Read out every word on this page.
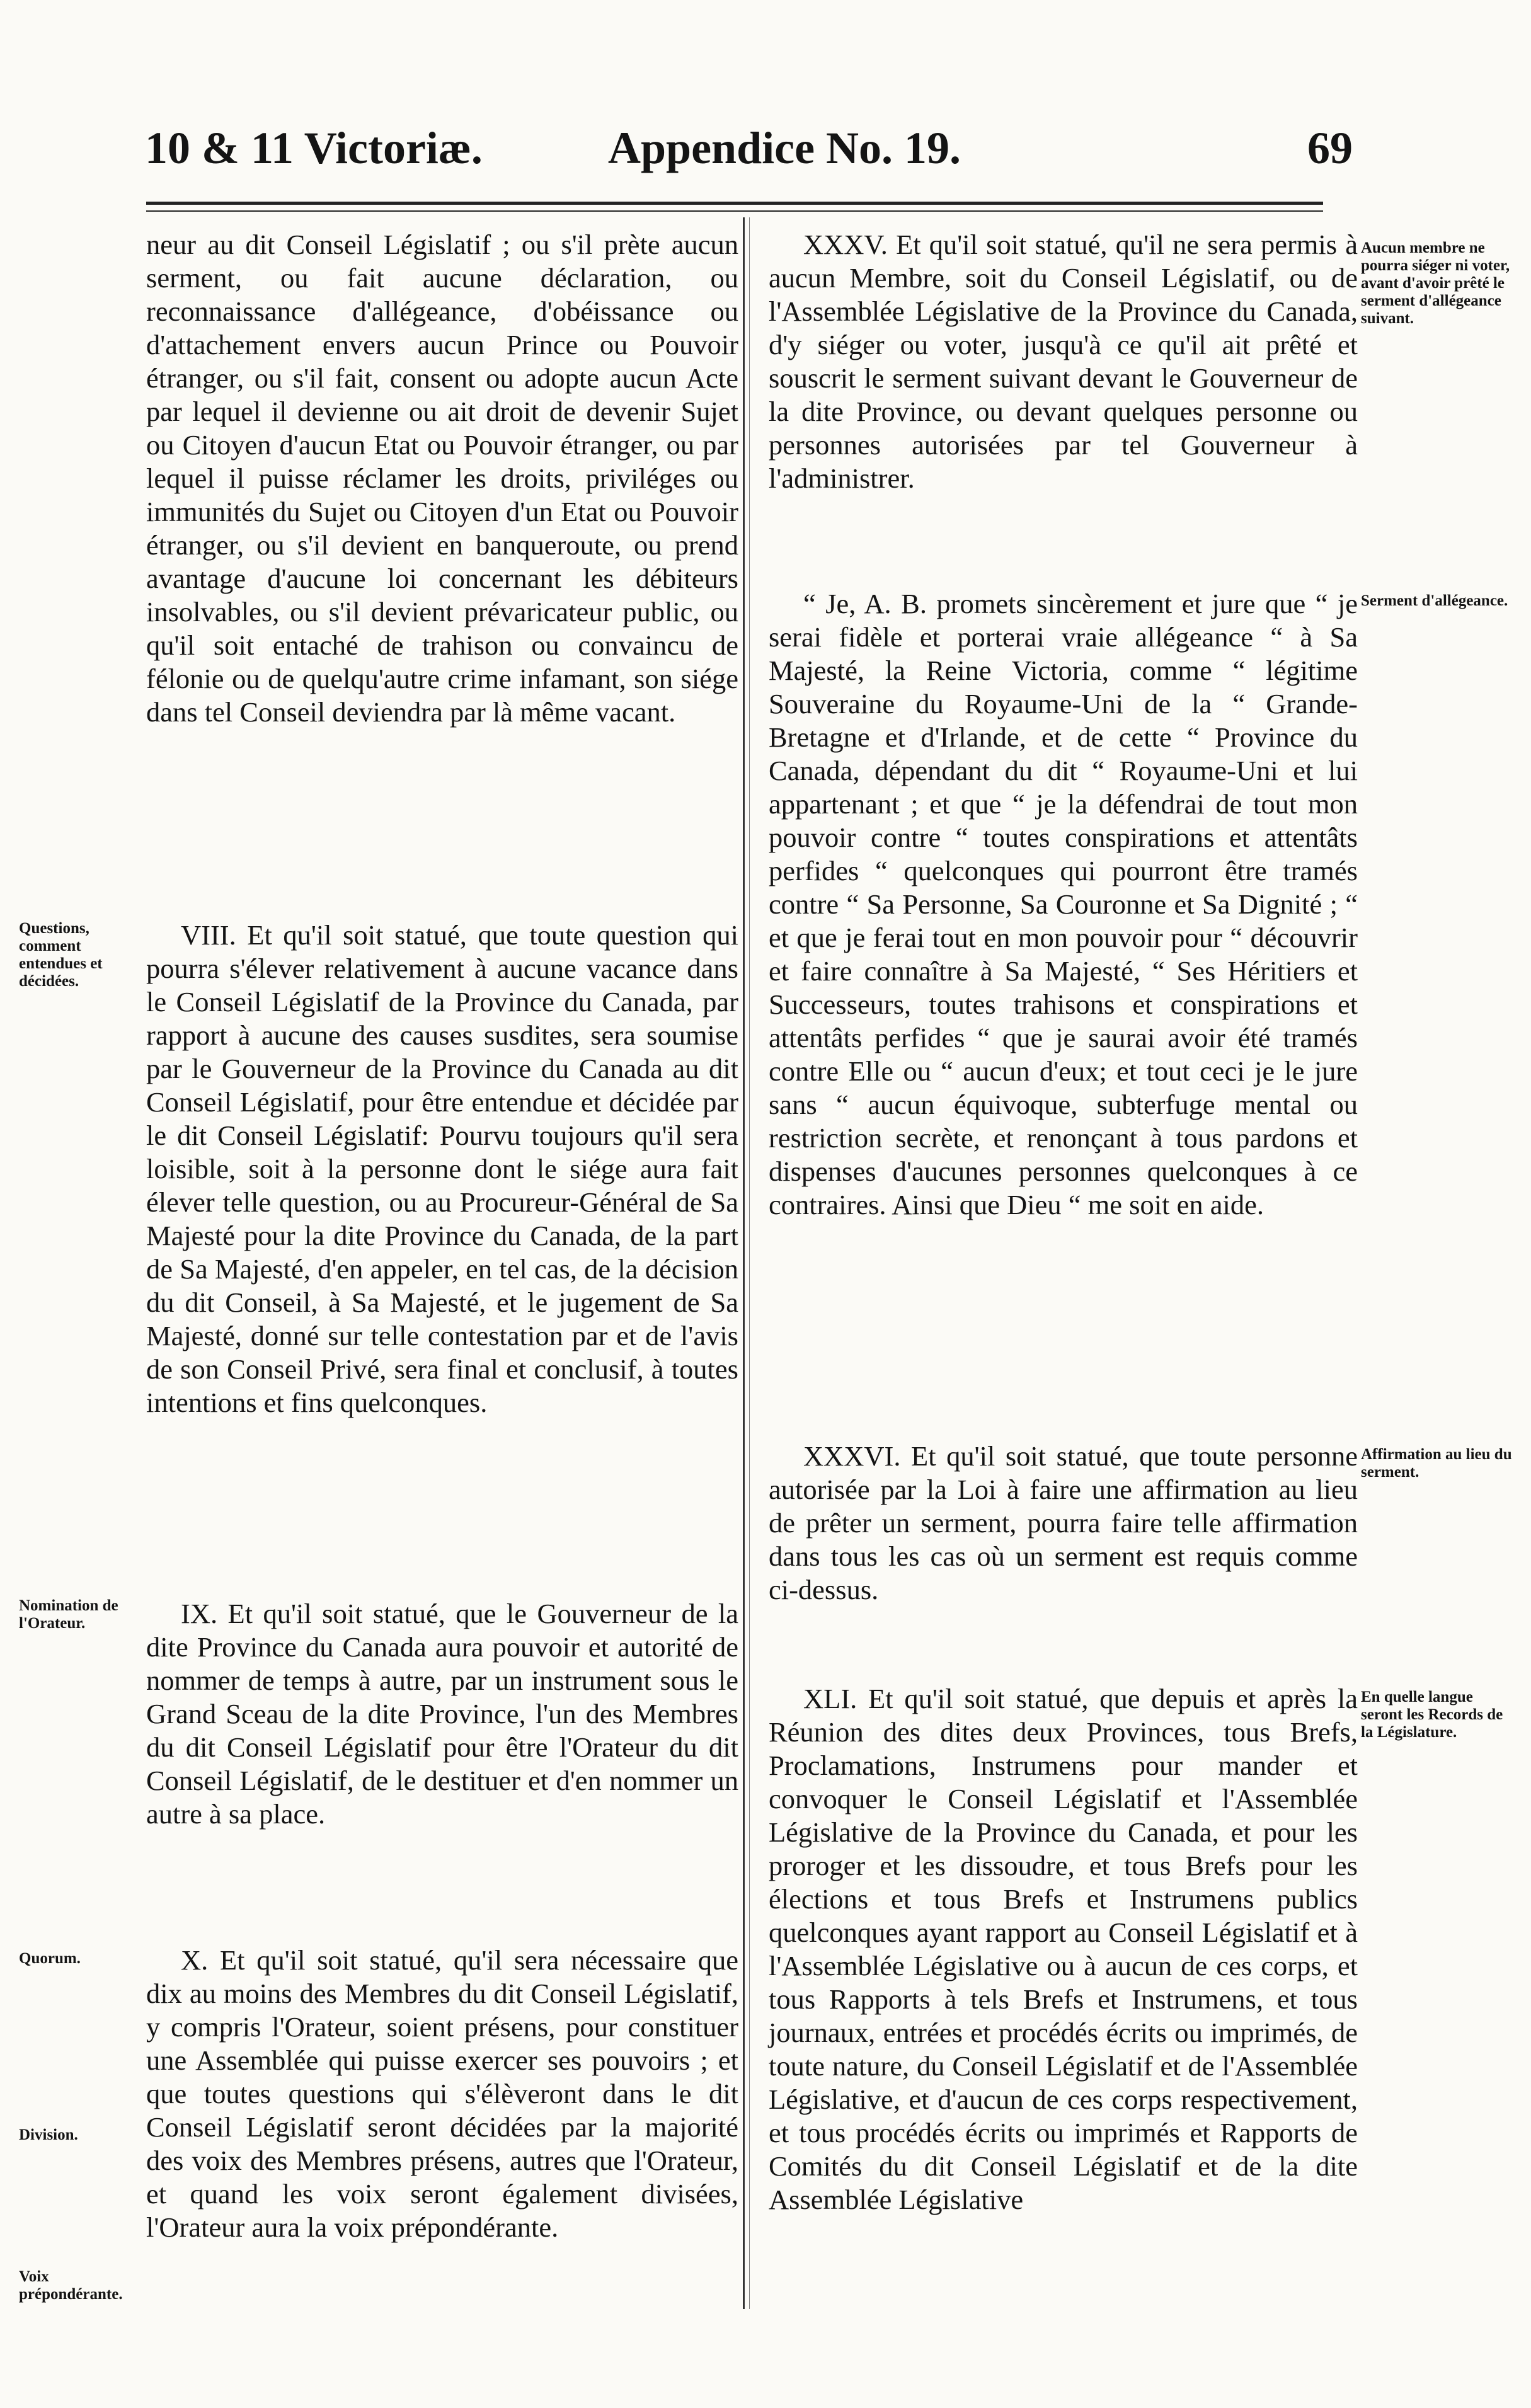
10 & 11 Victoriæ.	Appendice No. 19.	69

neur au dit Conseil Législatif ; ou s'il prète aucun serment, ou fait aucune déclaration, ou reconnaissance d'allégeance, d'obéissance ou d'attachement envers aucun Prince ou Pouvoir étranger, ou s'il fait, consent ou adopte aucun Acte par lequel il devienne ou ait droit de devenir Sujet ou Citoyen d'aucun Etat ou Pouvoir étranger, ou par lequel il puisse réclamer les droits, priviléges ou immunités du Sujet ou Citoyen d'un Etat ou Pouvoir étranger, ou s'il devient en banqueroute, ou prend avantage d'aucune loi concernant les débiteurs insolvables, ou s'il devient prévaricateur public, ou qu'il soit entaché de trahison ou convaincu de félonie ou de quelqu'autre crime infamant, son siége dans tel Conseil deviendra par là même vacant.

VIII. Et qu'il soit statué, que toute question qui pourra s'élever relativement à aucune vacance dans le Conseil Législatif de la Province du Canada, par rapport à aucune des causes susdites, sera soumise par le Gouverneur de la Province du Canada au dit Conseil Législatif, pour être entendue et décidée par le dit Conseil Législatif: Pourvu toujours qu'il sera loisible, soit à la personne dont le siége aura fait élever telle question, ou au Procureur-Général de Sa Majesté pour la dite Province du Canada, de la part de Sa Majesté, d'en appeler, en tel cas, de la décision du dit Conseil, à Sa Majesté, et le jugement de Sa Majesté, donné sur telle contestation par et de l'avis de son Conseil Privé, sera final et conclusif, à toutes intentions et fins quelconques.

IX. Et qu'il soit statué, que le Gouverneur de la dite Province du Canada aura pouvoir et autorité de nommer de temps à autre, par un instrument sous le Grand Sceau de la dite Province, l'un des Membres du dit Conseil Législatif pour être l'Orateur du dit Conseil Législatif, de le destituer et d'en nommer un autre à sa place.

X. Et qu'il soit statué, qu'il sera nécessaire que dix au moins des Membres du dit Conseil Législatif, y compris l'Orateur, soient présens, pour constituer une Assemblée qui puisse exercer ses pouvoirs ; et que toutes questions qui s'élèveront dans le dit Conseil Législatif seront décidées par la majorité des voix des Membres présens, autres que l'Orateur, et quand les voix seront également divisées, l'Orateur aura la voix prépondérante.

XXXV. Et qu'il soit statué, qu'il ne sera permis à aucun Membre, soit du Conseil Législatif, ou de l'Assemblée Législative de la Province du Canada, d'y siéger ou voter, jusqu'à ce qu'il ait prêté et souscrit le serment suivant devant le Gouverneur de la dite Province, ou devant quelques personne ou personnes autorisées par tel Gouverneur à l'administrer.

“ Je, A. B. promets sincèrement et jure que “ je serai fidèle et porterai vraie allégeance “ à Sa Majesté, la Reine Victoria, comme “ légitime Souveraine du Royaume-Uni de la “ Grande-Bretagne et d'Irlande, et de cette “ Province du Canada, dépendant du dit “ Royaume-Uni et lui appartenant ; et que “ je la défendrai de tout mon pouvoir contre “ toutes conspirations et attentâts perfides “ quelconques qui pourront être tramés contre “ Sa Personne, Sa Couronne et Sa Dignité ; “ et que je ferai tout en mon pouvoir pour “ découvrir et faire connaître à Sa Majesté, “ Ses Héritiers et Successeurs, toutes trahisons et conspirations et attentâts perfides “ que je saurai avoir été tramés contre Elle ou “ aucun d'eux; et tout ceci je le jure sans “ aucun équivoque, subterfuge mental ou restriction secrète, et renonçant à tous pardons et dispenses d'aucunes personnes quelconques à ce contraires. Ainsi que Dieu “ me soit en aide.

XXXVI. Et qu'il soit statué, que toute personne autorisée par la Loi à faire une affirmation au lieu de prêter un serment, pourra faire telle affirmation dans tous les cas où un serment est requis comme ci-dessus.

XLI. Et qu'il soit statué, que depuis et après la Réunion des dites deux Provinces, tous Brefs, Proclamations, Instrumens pour mander et convoquer le Conseil Législatif et l'Assemblée Législative de la Province du Canada, et pour les proroger et les dissoudre, et tous Brefs pour les élections et tous Brefs et Instrumens publics quelconques ayant rapport au Conseil Législatif et à l'Assemblée Législative ou à aucun de ces corps, et tous Rapports à tels Brefs et Instrumens, et tous journaux, entrées et procédés écrits ou imprimés, de toute nature, du Conseil Législatif et de l'Assemblée Législative, et d'aucun de ces corps respectivement, et tous procédés écrits ou imprimés et Rapports de Comités du dit Conseil Législatif et de la dite Assemblée Législative

Questions, comment entendues et décidées.

Nomination de l'Orateur.

Quorum.

Division.

Voix prépondérante.

Aucun membre ne pourra siéger ni voter, avant d'avoir prêté le serment d'allégeance suivant.

Serment d'allégeance.

Affirmation au lieu du serment.

En quelle langue seront les Records de la Législature.
